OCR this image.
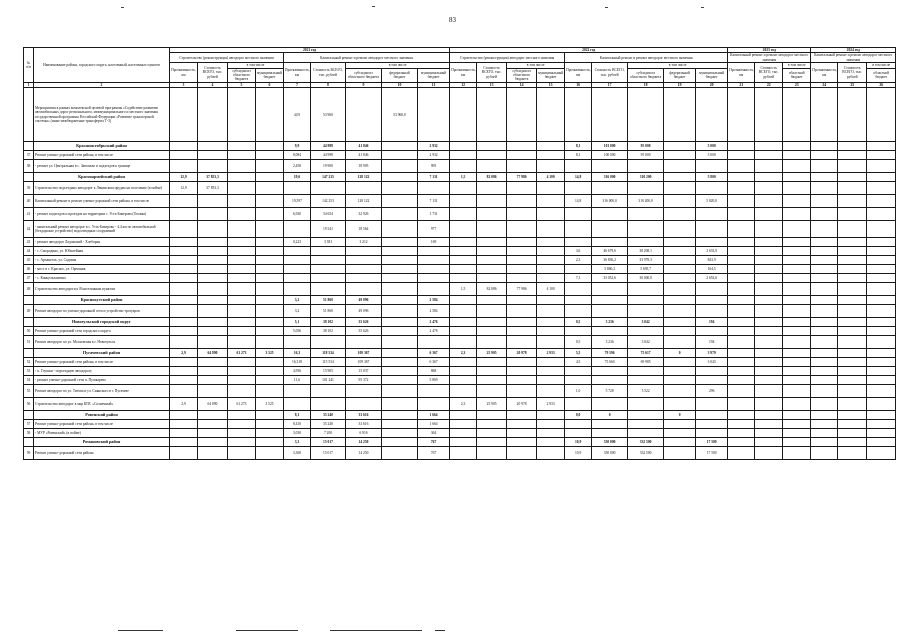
83
№ п/п	Наименование района, городского округа, населенный, населенных пунктов	2021 год									2022 год									2023 год			2024 год			
		Строительство (реконструкция) автодорог местного значения				Капитальный ремонт и ремонт автодорог местного значения					Строительство (реконструкция) автодорог местного значения				Капитальный ремонт и ремонт автодорог местного значения					Капитальный ремонт и ремонт автодорог местного значения			Капитальный ремонт и ремонт автодорог местного значения			
		Протяженность, км	Стоимость ВСЕГО, тыс. рублей	в том числе		Протяженность, км	Стоимость ВСЕГО, тыс. рублей	в том числе			Протяженность, км	Стоимость ВСЕГО, тыс. рублей	в том числе		Протяженность, км	Стоимость ВСЕГО, тыс. рублей	в том числе			Протяженность, км	Стоимость ВСЕГО, тыс. рублей	в том числе	Протяженность, км	Стоимость ВСЕГО, тыс. рублей	в том числе	
				субсидии из областного бюджета	муниципальный бюджет			субсидии из областного бюджета	федеральный бюджет	муниципальный бюджет			субсидии из областного бюджета	муниципальный бюджет			субсидии из областного бюджета	федеральный бюджет	муниципальный бюджет			областной бюджет			областной бюджет	
1	2	3	4	5	6	7	8	9	10	11	12	13	14	15	16	17	18	19	20	21	22	23	24	25	26	
	Мероприятия в рамках комплексной целевой программы «Содействие развитию автомобильных дорог регионального, межмуниципального и местного значения государственной программы Российской Федерации «Развитие транспортной системы» (иные межбюджетные трансферты Т-3)					4,05	53 960		53 960,0																	
	Краснооктябрьский район					9,9	44 998	41 846		2 932					8,1	101 000	95 000		5 000							
37	Ремонт улично-дорожной сети района, в том числе					8,084	44 998	41 846		2 932					8,1	100 000	95 000		5 000							
38	- ремонт ул. Центральная в с. Заволжье и подъездов к границе					2,458	19 900	18 905		995																
	Красноармейский район	12,9	37 853,3			19,6	147 215	128 122		7 131	1,5	82 086	77 986	4 100	14,8	316 000	310 200		5 800							
39	Строительство подъездных автодорог к Ленинским прудам на поселение (в пойме)	12,9	37 853,3																							
40	Капитальный ремонт и ремонт улично-дорожной сети района, в том числе					19,597	142 253	128 122		7 131					14,8	316 000,0	310 200,0		5 820,0							
41	- ремонт подъездов и проездов на территории с. Усть-Бикерова (Оловка)					6,920	34 654	32 926		1 731																
42	- капитальный ремонт автодорог в с. Усть-Бикерово - 4,4 км по автомобильной (бездорожье устройство) водоотводных сооружений						19 541	18 564		977																
43	- ремонт автодорог Ладожский - Хлеборан					0,223	3 381	3 212		169																
44	- с. Смородино, ул. Юбилейная														3,6	46 679,6	38 208,1		2 633,9							
45	- с. Архангель, ул. Садовая														2,3	36 836,2	33 978,3		843,9							
46	- мост в с. Краснос, ул. Орешник															5 860,2	5 695,7		164,5							
47	- с. Концельлантино														7,1	33 052,6	30 400,0		2 652,6							
48	Строительство автодороги к Я населенным пунктам										1,5	82 086	77 986	4 100												
	Краснокутский район					3,2	51 860	49 096		2 584																
49	Ремонт автодорог по улично-дорожной сети и устройство тротуаров					3,2	51 860	49 096		2 584																
	Новоеульский городской округ					5,1	38 102	35 626		2 476					0,5	3 236	3 042		194							
50	Ремонт улично-дорожной сети городского округа					5,056	38 102	35 626		2 476																
51	Ремонт автодорог по ул. Московская в г. Новоеульск														0,5	3 236	3 042		194							
	Пугачевский район	2,9	64 890	61 273	3 525	16,3	118 534	109 367		6 367	2,3	25 905	20 978	2 933	5,5	79 596	75 617	0	3 979							
52	Ремонт улично-дорожной сети района, в том числе					16,318	115 534	109 367		6 367					4,5	75 660	69 985		3 043							
53	- п. Глушки - подъездную автодорогу					4,956	15 905	15 037		868																
54	- ремонт улично-дорожной сети п. Пушкарево					11,6	101 241	95 372		5 869																
55	Ремонт автодорог по ул. Титова и ул. Сиянского в г. Пугачеве														1,0	5 728	5 522		296							
56	Строительство автодорог в мкр КПС «Солнечный»	2,9	64 890	61 273	3 525						2,3	25 905	20 978	2 933												
	Ровенский район					8,1	35 240	33 616		1 664					0,0	0		0								
57	Ремонт улично-дорожной сети района, в том числе					8,410	35 240	33 616		1 664																
58	- МУР «Ровенский» (в пойме)					3,030	7 200	6 916		364																
	Романовский район					3,3	15 017	14 250		767					10,9	350 000	332 500		17 500							
59	Ремонт улично-дорожной сети района					3,360	15 017	14 250		767					10,9	350 000	332 500		17 500							
